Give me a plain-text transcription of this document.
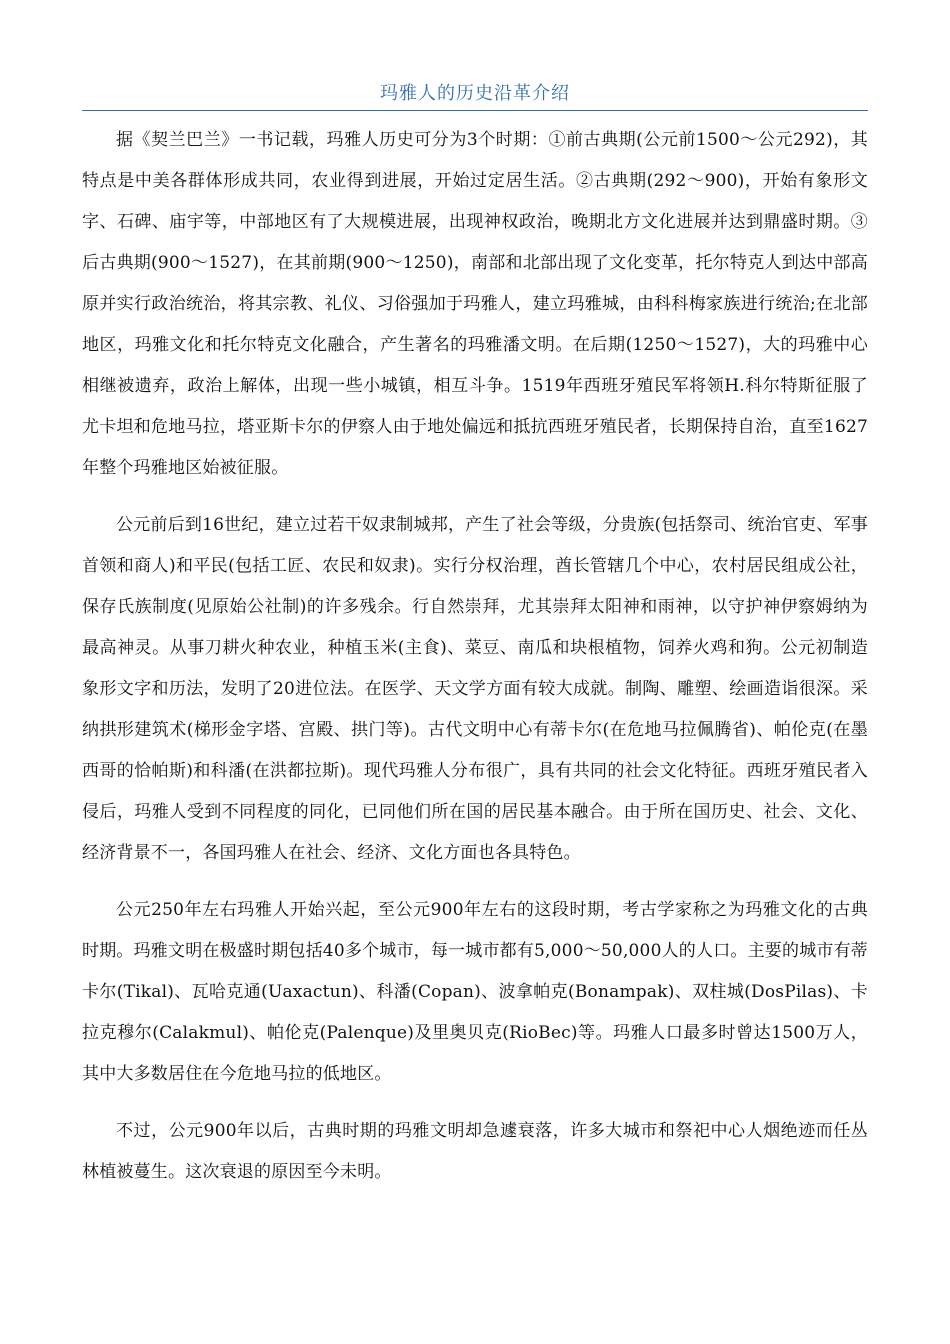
玛雅人的历史沿革介绍

据《契兰巴兰》一书记载，玛雅人历史可分为3个时期：①前古典期(公元前1500～公元292)，其特点是中美各群体形成共同，农业得到进展，开始过定居生活。②古典期(292～900)，开始有象形文字、石碑、庙宇等，中部地区有了大规模进展，出现神权政治，晚期北方文化进展并达到鼎盛时期。③后古典期(900～1527)，在其前期(900～1250)，南部和北部出现了文化变革，托尔特克人到达中部高原并实行政治统治，将其宗教、礼仪、习俗强加于玛雅人，建立玛雅城，由科科梅家族进行统治;在北部地区，玛雅文化和托尔特克文化融合，产生著名的玛雅潘文明。在后期(1250～1527)，大的玛雅中心相继被遗弃，政治上解体，出现一些小城镇，相互斗争。1519年西班牙殖民军将领H.科尔特斯征服了尤卡坦和危地马拉，塔亚斯卡尔的伊察人由于地处偏远和抵抗西班牙殖民者，长期保持自治，直至1627年整个玛雅地区始被征服。

公元前后到16世纪，建立过若干奴隶制城邦，产生了社会等级，分贵族(包括祭司、统治官吏、军事首领和商人)和平民(包括工匠、农民和奴隶)。实行分权治理，酋长管辖几个中心，农村居民组成公社，保存氏族制度(见原始公社制)的许多残余。行自然崇拜，尤其崇拜太阳神和雨神，以守护神伊察姆纳为最高神灵。从事刀耕火种农业，种植玉米(主食)、菜豆、南瓜和块根植物，饲养火鸡和狗。公元初制造象形文字和历法，发明了20进位法。在医学、天文学方面有较大成就。制陶、雕塑、绘画造诣很深。采纳拱形建筑术(梯形金字塔、宫殿、拱门等)。古代文明中心有蒂卡尔(在危地马拉佩腾省)、帕伦克(在墨西哥的恰帕斯)和科潘(在洪都拉斯)。现代玛雅人分布很广，具有共同的社会文化特征。西班牙殖民者入侵后，玛雅人受到不同程度的同化，已同他们所在国的居民基本融合。由于所在国历史、社会、文化、经济背景不一，各国玛雅人在社会、经济、文化方面也各具特色。

公元250年左右玛雅人开始兴起，至公元900年左右的这段时期，考古学家称之为玛雅文化的古典时期。玛雅文明在极盛时期包括40多个城市，每一城市都有5,000～50,000人的人口。主要的城市有蒂卡尔(Tikal)、瓦哈克通(Uaxactun)、科潘(Copan)、波拿帕克(Bonampak)、双柱城(DosPilas)、卡拉克穆尔(Calakmul)、帕伦克(Palenque)及里奥贝克(RioBec)等。玛雅人口最多时曾达1500万人，其中大多数居住在今危地马拉的低地区。

不过，公元900年以后，古典时期的玛雅文明却急遽衰落，许多大城市和祭祀中心人烟绝迹而任丛林植被蔓生。这次衰退的原因至今未明。
